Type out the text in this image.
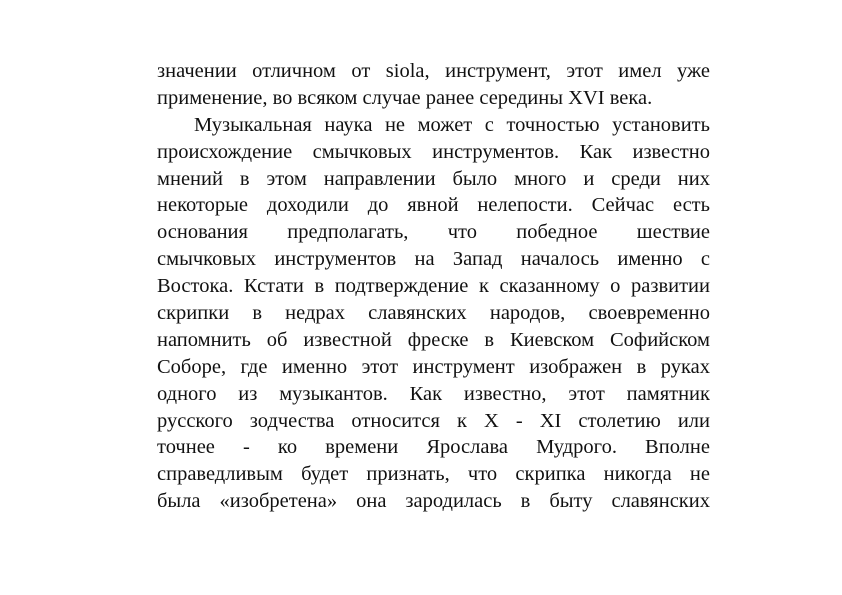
значении отличном от siola, инструмент, этот имел уже
применение, во всяком случае ранее середины XVI века.
Музыкальная наука не может с точностью установить
происхождение смычковых инструментов. Как известно
мнений в этом направлении было много и среди них
некоторые доходили до явной нелепости. Сейчас есть
основания предполагать, что победное шествие
смычковых инструментов на Запад началось именно с
Востока. Кстати в подтверждение к сказанному о развитии
скрипки в недрах славянских народов, своевременно
напомнить об известной фреске в Киевском Софийском
Соборе, где именно этот инструмент изображен в руках
одного из музыкантов. Как известно, этот памятник
русского зодчества относится к Х - XI столетию или
точнее - ко времени Ярослава Мудрого. Вполне
справедливым будет признать, что скрипка никогда не
была «изобретена» она зародилась в быту славянских
